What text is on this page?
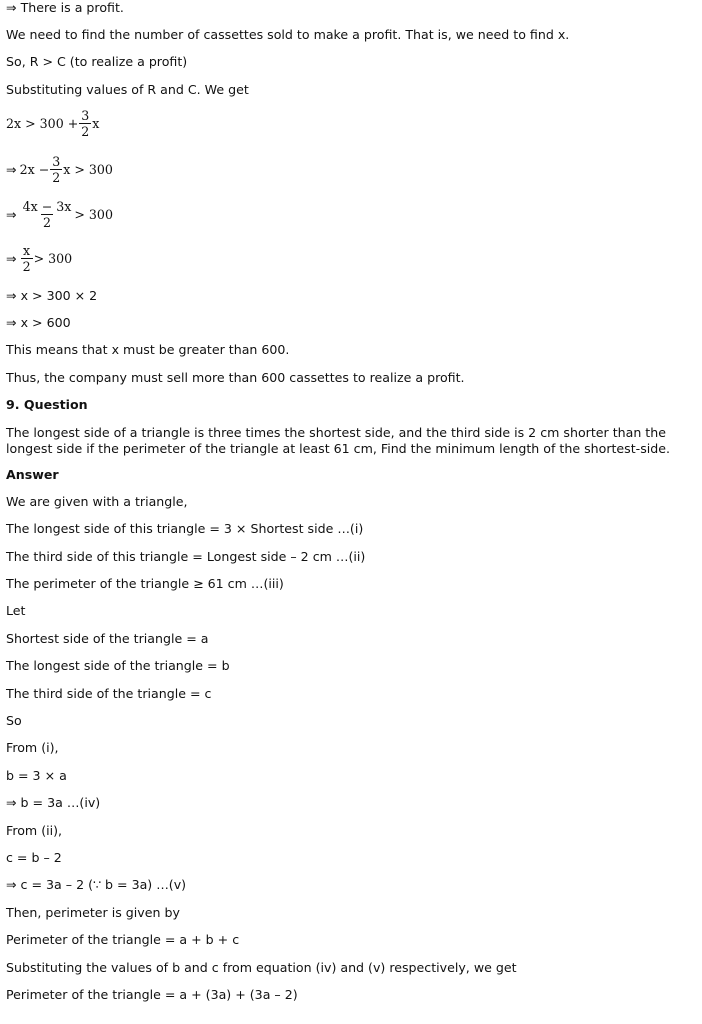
⇒ There is a profit.
We need to find the number of cassettes sold to make a profit. That is, we need to find x.
So, R > C (to realize a profit)
Substituting values of R and C. We get
$2x > 300 + \frac{3}{2}$ x
⇒ $2x - \frac{3}{2}$ x > 300
⇒ $\frac{4x - 3x}{2} > 300$
⇒ $\frac{x}{2} > 300$
⇒ x > 300 × 2
⇒ x > 600
This means that x must be greater than 600.
Thus, the company must sell more than 600 cassettes to realize a profit.
9. Question
The longest side of a triangle is three times the shortest side, and the third side is 2 cm shorter than the longest side if the perimeter of the triangle at least 61 cm, Find the minimum length of the shortest-side.
Answer
We are given with a triangle,
The longest side of this triangle = 3 × Shortest side …(i)
The third side of this triangle = Longest side – 2 cm …(ii)
The perimeter of the triangle ≥ 61 cm …(iii)
Let
Shortest side of the triangle = a
The longest side of the triangle = b
The third side of the triangle = c
So
From (i),
b = 3 × a
⇒ b = 3a …(iv)
From (ii),
c = b – 2
⇒ c = 3a – 2 (∵ b = 3a) …(v)
Then, perimeter is given by
Perimeter of the triangle = a + b + c
Substituting the values of b and c from equation (iv) and (v) respectively, we get
Perimeter of the triangle = a + (3a) + (3a – 2)
